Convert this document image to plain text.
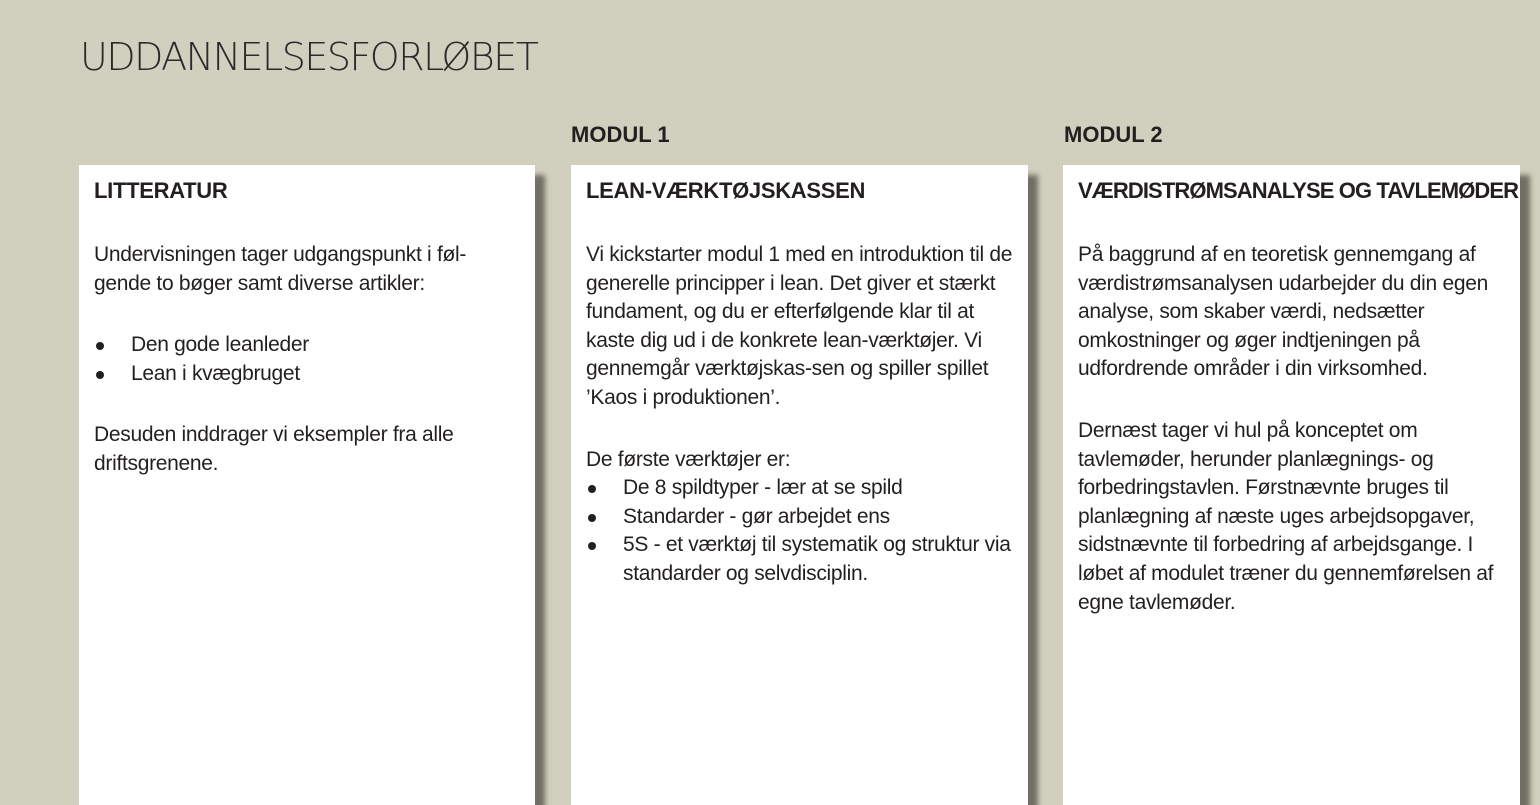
UDDANNELSESFORLØBET
MODUL 1	MODUL 2
LITTERATUR

Undervisningen tager udgangspunkt i føl-gende to bøger samt diverse artikler:

Den gode leanleder
Lean i kvægbruget

Desuden inddrager vi eksempler fra alle driftsgrenene.

LEAN-VÆRKTØJSKASSEN

Vi kickstarter modul 1 med en introduktion til de generelle principper i lean. Det giver et stærkt fundament, og du er efterfølgende klar til at kaste dig ud i de konkrete lean-værktøjer. Vi gennemgår værktøjskas-sen og spiller spillet ’Kaos i produktionen’.

De første værktøjer er:

De 8 spildtyper - lær at se spild
Standarder - gør arbejdet ens
5S - et værktøj til systematik og struktur via standarder og selvdisciplin.
VÆRDISTRØMSANALYSE OG TAVLEMØDER

På baggrund af en teoretisk gennemgang af værdistrømsanalysen udarbejder du din egen analyse, som skaber værdi, nedsætter omkostninger og øger indtjeningen på udfordrende områder i din virksomhed.

Dernæst tager vi hul på konceptet om tavlemøder, herunder planlægnings- og forbedringstavlen. Førstnævnte bruges til planlægning af næste uges arbejdsopgaver, sidstnævnte til forbedring af arbejdsgange. I løbet af modulet træner du gennemførelsen af egne tavlemøder.
